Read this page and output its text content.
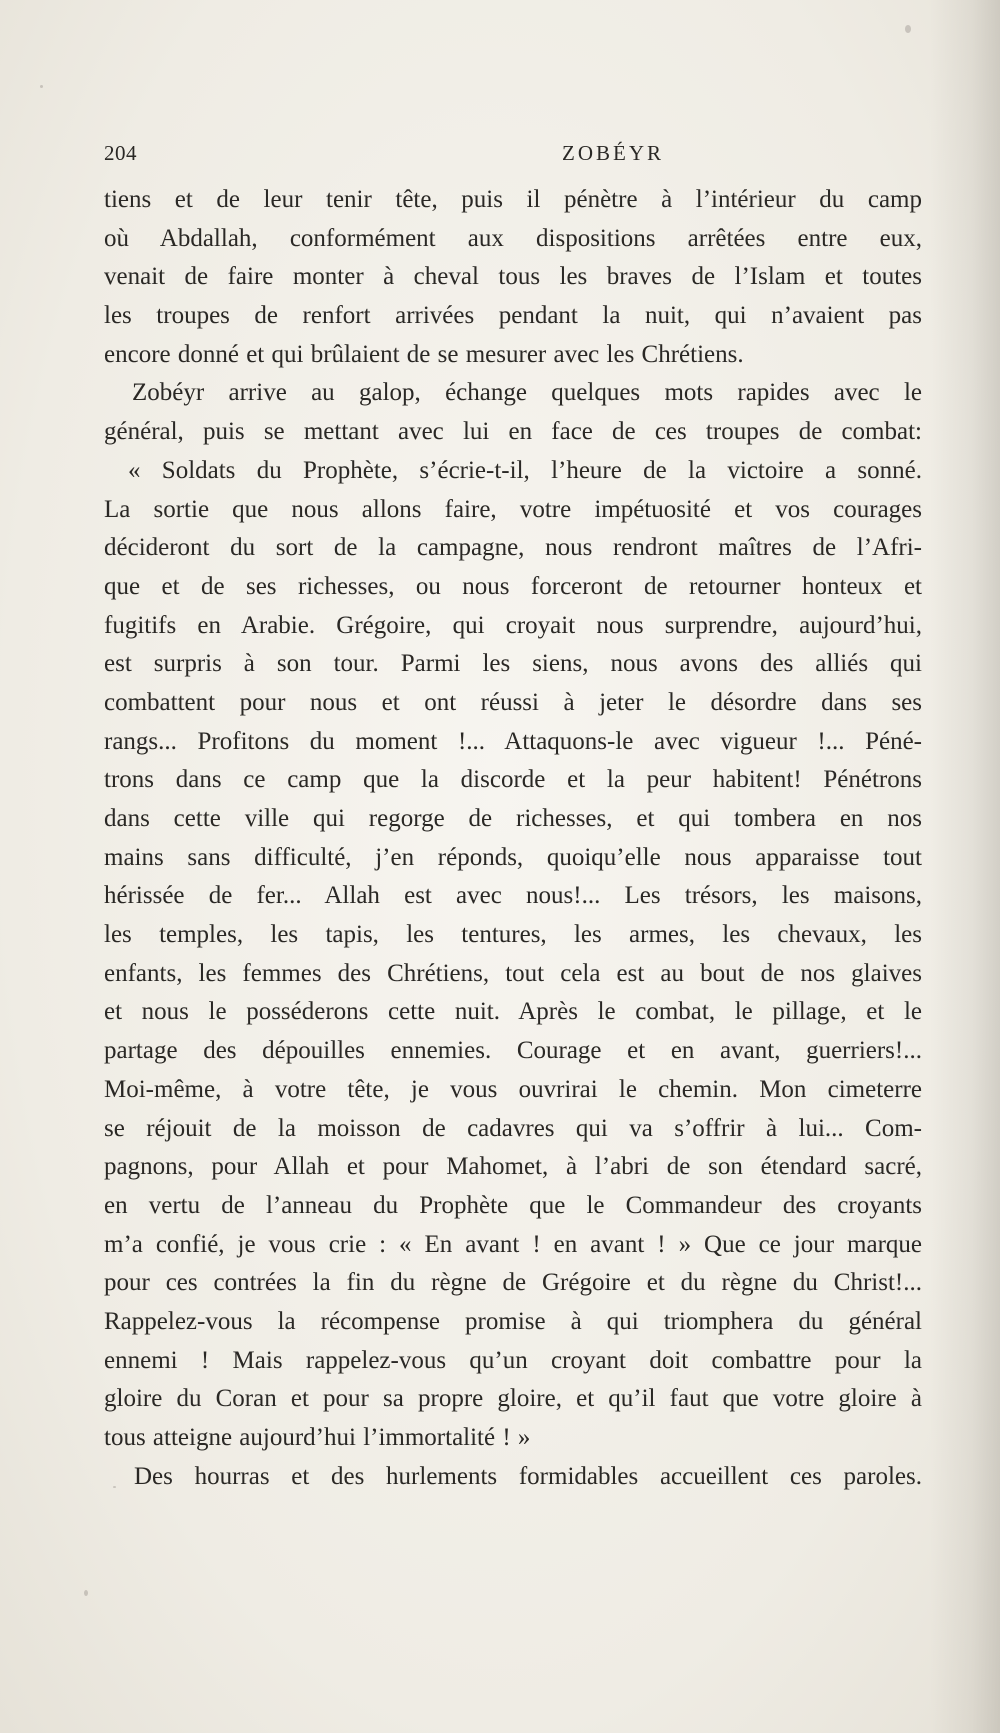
204	ZOBÉYR
tiens et de leur tenir tête, puis il pénètre à l’intérieur du camp
où Abdallah, conformément aux dispositions arrêtées entre eux,
venait de faire monter à cheval tous les braves de l’Islam et toutes
les troupes de renfort arrivées pendant la nuit, qui n’avaient pas
encore donné et qui brûlaient de se mesurer avec les Chrétiens.
Zobéyr arrive au galop, échange quelques mots rapides avec le
général, puis se mettant avec lui en face de ces troupes de combat:
« Soldats du Prophète, s’écrie-t-il, l’heure de la victoire a sonné.
La sortie que nous allons faire, votre impétuosité et vos courages
décideront du sort de la campagne, nous rendront maîtres de l’Afri-
que et de ses richesses, ou nous forceront de retourner honteux et
fugitifs en Arabie. Grégoire, qui croyait nous surprendre, aujourd’hui,
est surpris à son tour. Parmi les siens, nous avons des alliés qui
combattent pour nous et ont réussi à jeter le désordre dans ses
rangs... Profitons du moment !... Attaquons-le avec vigueur !... Péné-
trons dans ce camp que la discorde et la peur habitent! Pénétrons
dans cette ville qui regorge de richesses, et qui tombera en nos
mains sans difficulté, j’en réponds, quoiqu’elle nous apparaisse tout
hérissée de fer... Allah est avec nous!... Les trésors, les maisons,
les temples, les tapis, les tentures, les armes, les chevaux, les
enfants, les femmes des Chrétiens, tout cela est au bout de nos glaives
et nous le posséderons cette nuit. Après le combat, le pillage, et le
partage des dépouilles ennemies. Courage et en avant, guerriers!...
Moi-même, à votre tête, je vous ouvrirai le chemin. Mon cimeterre
se réjouit de la moisson de cadavres qui va s’offrir à lui... Com-
pagnons, pour Allah et pour Mahomet, à l’abri de son étendard sacré,
en vertu de l’anneau du Prophète que le Commandeur des croyants
m’a confié, je vous crie : « En avant ! en avant ! » Que ce jour marque
pour ces contrées la fin du règne de Grégoire et du règne du Christ!...
Rappelez-vous la récompense promise à qui triomphera du général
ennemi ! Mais rappelez-vous qu’un croyant doit combattre pour la
gloire du Coran et pour sa propre gloire, et qu’il faut que votre gloire à
tous atteigne aujourd’hui l’immortalité ! »
Des hourras et des hurlements formidables accueillent ces paroles.
